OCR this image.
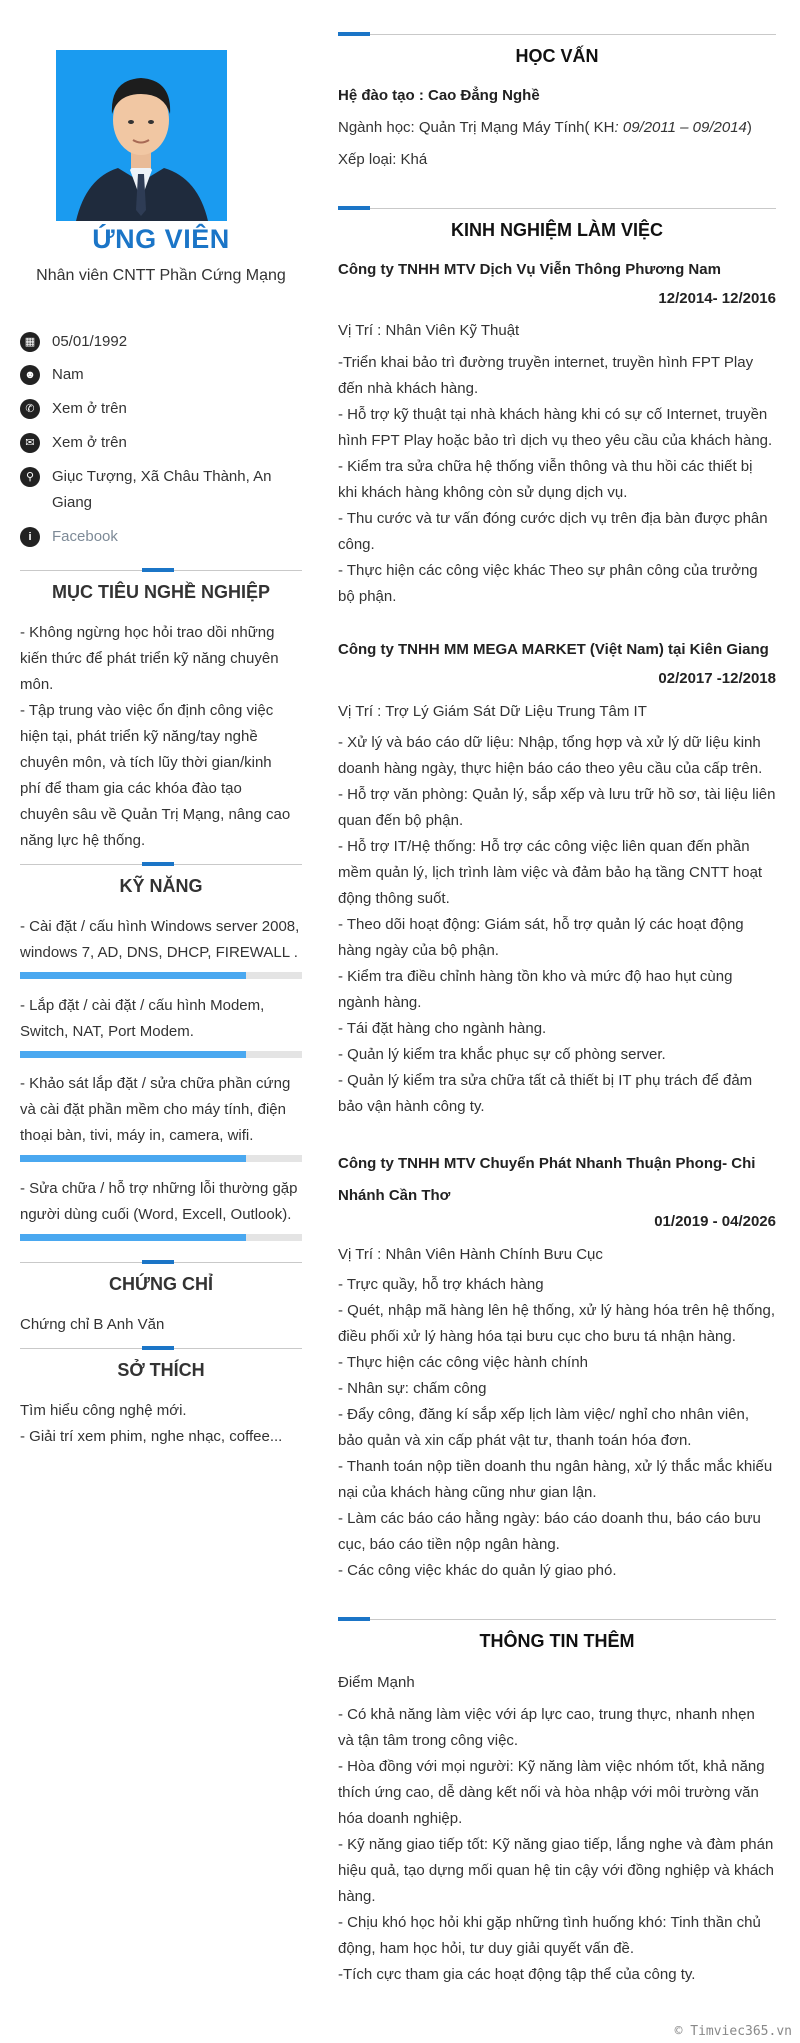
ỨNG VIÊN
Nhân viên CNTT Phần Cứng Mạng
▦	05/01/1992
☻ Nam
✆	Xem ở trên
✉	Xem ở trên
⚲	Giục Tượng, Xã Châu Thành, An Giang
i	Facebook
MỤC TIÊU NGHỀ NGHIỆP
- Không ngừng học hỏi trao dồi những
kiến thức để phát triển kỹ năng chuyên
môn.
- Tập trung vào việc ổn định công việc
hiện tại, phát triển kỹ năng/tay nghề
chuyên môn, và tích lũy thời gian/kinh
phí để tham gia các khóa đào tạo
chuyên sâu về Quản Trị Mạng, nâng cao
năng lực hệ thống.
KỸ NĂNG
- Cài đặt / cấu hình Windows server 2008,
windows 7, AD, DNS, DHCP, FIREWALL .
- Lắp đặt / cài đặt / cấu hình Modem,
Switch, NAT, Port Modem.
- Khảo sát lắp đặt / sửa chữa phần cứng
và cài đặt phần mềm cho máy tính, điện
thoại bàn, tivi, máy in, camera, wifi.
- Sửa chữa / hỗ trợ những lỗi thường gặp
người dùng cuối (Word, Excell, Outlook).
CHỨNG CHỈ
Chứng chỉ B Anh Văn
SỞ THÍCH
Tìm hiểu công nghệ mới.
- Giải trí xem phim, nghe nhạc, coffee...
HỌC VẤN
Hệ đào tạo : Cao Đẳng Nghề
Ngành học: Quản Trị Mạng Máy Tính( KH: 09/2011 – 09/2014)
Xếp loại: Khá
KINH NGHIỆM LÀM VIỆC
Công ty TNHH MTV Dịch Vụ Viễn Thông Phương Nam
12/2014- 12/2016
Vị Trí : Nhân Viên Kỹ Thuật
-Triển khai bảo trì đường truyền internet, truyền hình FPT Play
đến nhà khách hàng.
- Hỗ trợ kỹ thuật tại nhà khách hàng khi có sự cố Internet, truyền
hình FPT Play hoặc bảo trì dịch vụ theo yêu cầu của khách hàng.
- Kiểm tra sửa chữa hệ thống viễn thông và thu hồi các thiết bị
khi khách hàng không còn sử dụng dịch vụ.
- Thu cước và tư vấn đóng cước dịch vụ trên địa bàn được phân
công.
- Thực hiện các công việc khác Theo sự phân công của trưởng
bộ phận.
Công ty TNHH MM MEGA MARKET (Việt Nam) tại Kiên Giang
02/2017 -12/2018
Vị Trí : Trợ Lý Giám Sát Dữ Liệu Trung Tâm IT
- Xử lý và báo cáo dữ liệu: Nhập, tổng hợp và xử lý dữ liệu kinh
doanh hàng ngày, thực hiện báo cáo theo yêu cầu của cấp trên.
- Hỗ trợ văn phòng: Quản lý, sắp xếp và lưu trữ hồ sơ, tài liệu liên
quan đến bộ phận.
- Hỗ trợ IT/Hệ thống: Hỗ trợ các công việc liên quan đến phần
mềm quản lý, lịch trình làm việc và đảm bảo hạ tầng CNTT hoạt
động thông suốt.
- Theo dõi hoạt động: Giám sát, hỗ trợ quản lý các hoạt động
hàng ngày của bộ phận.
- Kiểm tra điều chỉnh hàng tồn kho và mức độ hao hụt cùng
ngành hàng.
- Tái đặt hàng cho ngành hàng.
- Quản lý kiểm tra khắc phục sự cố phòng server.
- Quản lý kiểm tra sửa chữa tất cả thiết bị IT phụ trách để đảm
bảo vận hành công ty.
Công ty TNHH MTV Chuyển Phát Nhanh Thuận Phong- Chi
Nhánh Cần Thơ
01/2019 - 04/2026
Vị Trí : Nhân Viên Hành Chính Bưu Cục
- Trực quầy, hỗ trợ khách hàng
- Quét, nhập mã hàng lên hệ thống, xử lý hàng hóa trên hệ thống,
điều phối xử lý hàng hóa tại bưu cục cho bưu tá nhận hàng.
- Thực hiện các công việc hành chính
- Nhân sự: chấm công
- Đẩy công, đăng kí sắp xếp lịch làm việc/ nghỉ cho nhân viên,
bảo quản và xin cấp phát vật tư, thanh toán hóa đơn.
- Thanh toán nộp tiền doanh thu ngân hàng, xử lý thắc mắc khiếu
nại của khách hàng cũng như gian lận.
- Làm các báo cáo hằng ngày: báo cáo doanh thu, báo cáo bưu
cục, báo cáo tiền nộp ngân hàng.
- Các công việc khác do quản lý giao phó.
THÔNG TIN THÊM
Điểm Mạnh
- Có khả năng làm việc với áp lực cao, trung thực, nhanh nhẹn
và tận tâm trong công việc.
- Hòa đồng với mọi người: Kỹ năng làm việc nhóm tốt, khả năng
thích ứng cao, dễ dàng kết nối và hòa nhập với môi trường văn
hóa doanh nghiệp.
- Kỹ năng giao tiếp tốt: Kỹ năng giao tiếp, lắng nghe và đàm phán
hiệu quả, tạo dựng mối quan hệ tin cậy với đồng nghiệp và khách
hàng.
- Chịu khó học hỏi khi gặp những tình huống khó: Tinh thần chủ
động, ham học hỏi, tư duy giải quyết vấn đề.
-Tích cực tham gia các hoạt động tập thể của công ty.
© Timviec365.vn
